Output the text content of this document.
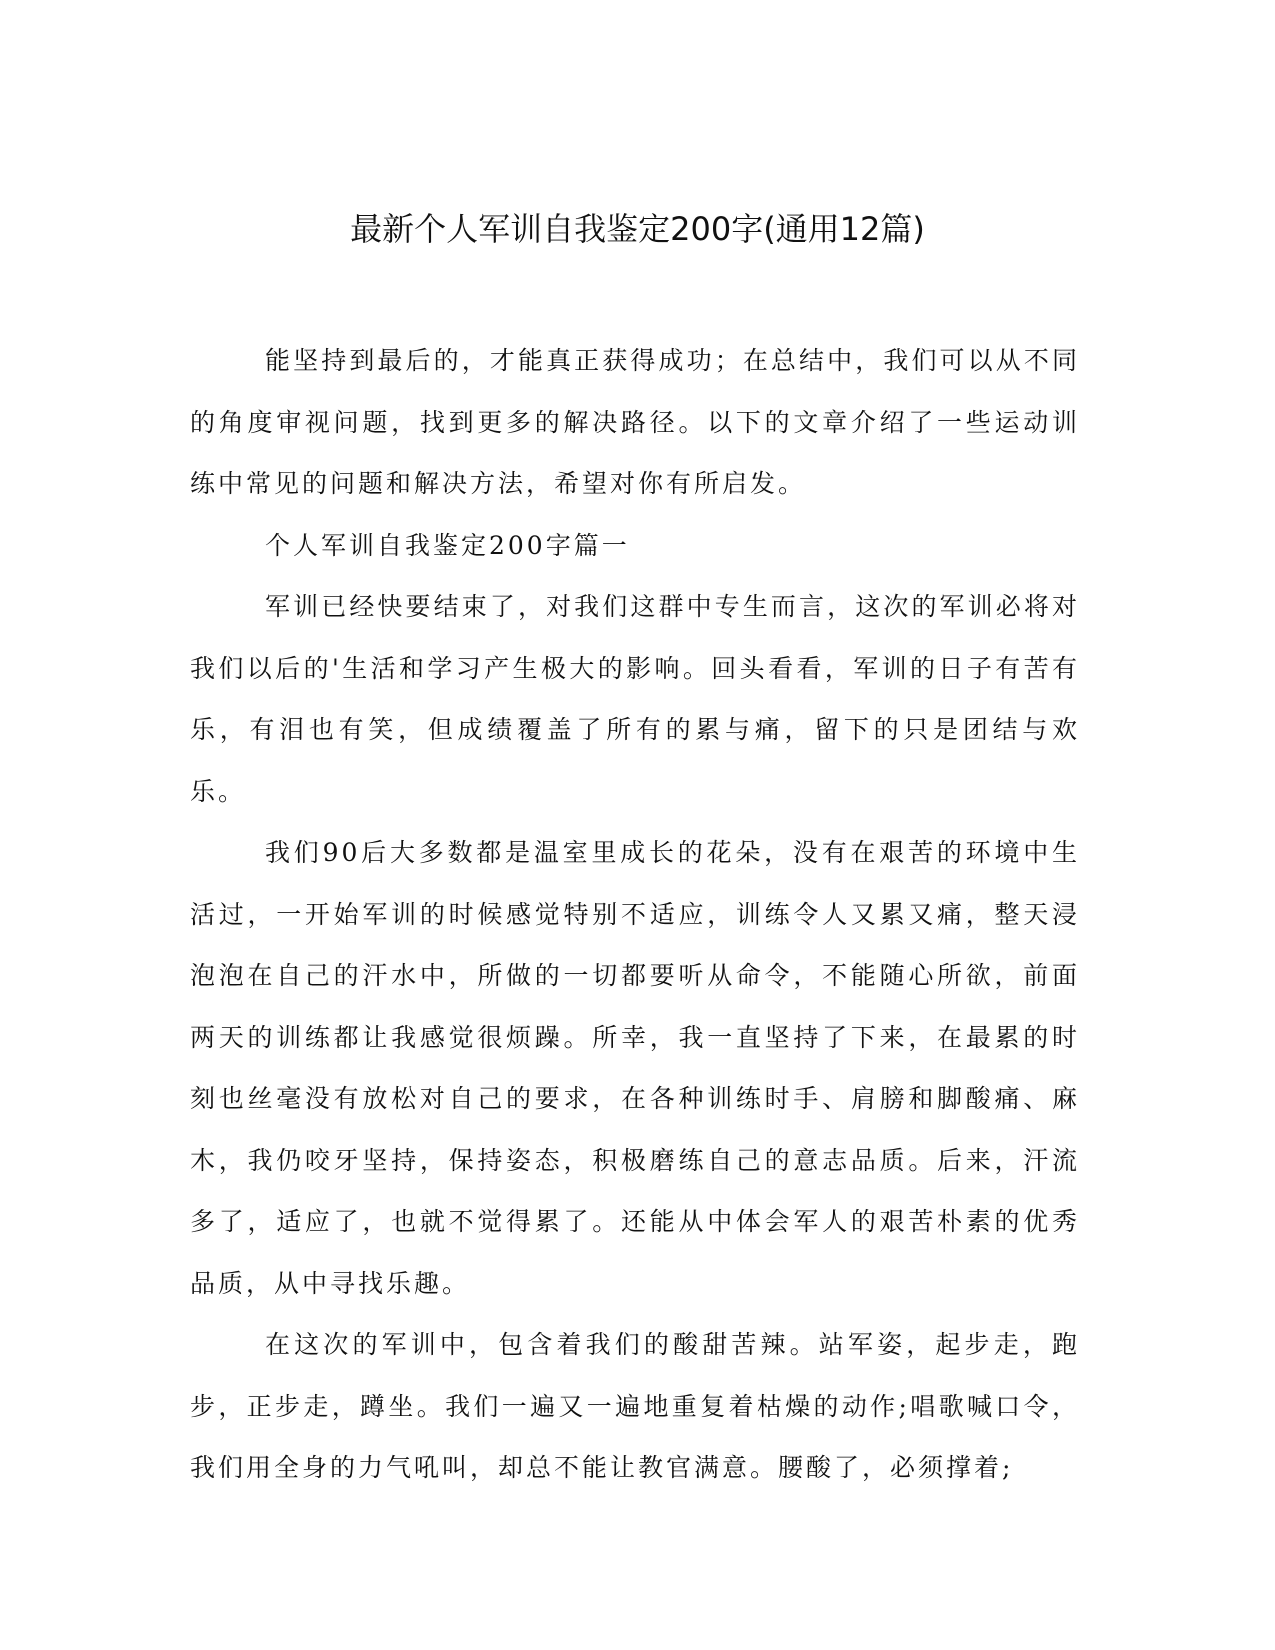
最新个人军训自我鉴定200字(通用12篇)

能坚持到最后的，才能真正获得成功；在总结中，我们可以从不同的角度审视问题，找到更多的解决路径。以下的文章介绍了一些运动训练中常见的问题和解决方法，希望对你有所启发。

个人军训自我鉴定200字篇一

军训已经快要结束了，对我们这群中专生而言，这次的军训必将对我们以后的'生活和学习产生极大的影响。回头看看，军训的日子有苦有乐，有泪也有笑，但成绩覆盖了所有的累与痛，留下的只是团结与欢乐。

我们90后大多数都是温室里成长的花朵，没有在艰苦的环境中生活过，一开始军训的时候感觉特别不适应，训练令人又累又痛，整天浸泡泡在自己的汗水中，所做的一切都要听从命令，不能随心所欲，前面两天的训练都让我感觉很烦躁。所幸，我一直坚持了下来，在最累的时刻也丝毫没有放松对自己的要求，在各种训练时手、肩膀和脚酸痛、麻木，我仍咬牙坚持，保持姿态，积极磨练自己的意志品质。后来，汗流多了，适应了，也就不觉得累了。还能从中体会军人的艰苦朴素的优秀品质，从中寻找乐趣。

在这次的军训中，包含着我们的酸甜苦辣。站军姿，起步走，跑步，正步走，蹲坐。我们一遍又一遍地重复着枯燥的动作;唱歌喊口令，我们用全身的力气吼叫，却总不能让教官满意。腰酸了，必须撑着;
